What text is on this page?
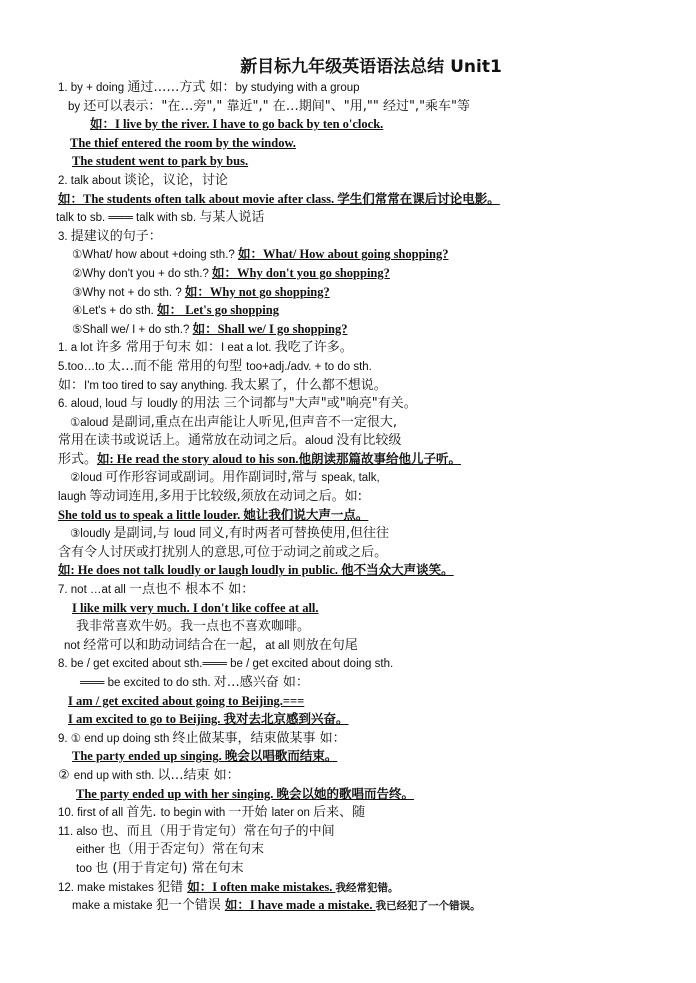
新目标九年级英语语法总结 Unit1
1. by + doing 通过……方式 如：by studying with a group
by 还可以表示："在…旁"," 靠近"," 在…期间"、"用,"" 经过","乘车"等
如：I live by the river. I have to go back by ten o'clock.
The thief entered the room by the window.
The student went to park by bus.
2. talk about 谈论，议论，讨论
如：The students often talk about movie after class. 学生们常常在课后讨论电影。
talk to sb. ═══ talk with sb. 与某人说话
3. 提建议的句子：
①What/ how about +doing sth.? 如：What/ How about going shopping?
②Why don't you + do sth.? 如：Why don't you go shopping?
③Why not + do sth. ? 如：Why not go shopping?
④Let's + do sth. 如： Let's go shopping
⑤Shall we/ I + do sth.? 如：Shall we/ I go shopping?
1. a lot 许多 常用于句末 如：I eat a lot. 我吃了许多。
5.too…to 太…而不能 常用的句型 too+adj./adv. + to do sth.
如：I'm too tired to say anything. 我太累了，什么都不想说。
6. aloud, loud 与 loudly 的用法 三个词都与"大声"或"响亮"有关。
①aloud 是副词,重点在出声能让人听见,但声音不一定很大,
常用在读书或说话上。通常放在动词之后。aloud 没有比较级
形式。如: He read the story aloud to his son.他朗读那篇故事给他儿子听。
②loud 可作形容词或副词。用作副词时,常与 speak, talk,
laugh 等动词连用,多用于比较级,须放在动词之后。如:
She told us to speak a little louder. 她让我们说大声一点。
③loudly 是副词,与 loud 同义,有时两者可替换使用,但往往
含有令人讨厌或打扰别人的意思,可位于动词之前或之后。
如: He does not talk loudly or laugh loudly in public. 他不当众大声谈笑。
7. not …at all 一点也不 根本不 如：
I like milk very much. I don't like coffee at all.
我非常喜欢牛奶。我一点也不喜欢咖啡。
not 经常可以和助动词结合在一起，at all 则放在句尾
8. be / get excited about sth.═══ be / get excited about doing sth.
═══ be excited to do sth. 对…感兴奋 如：
I am / get excited about going to Beijing.===
I am excited to go to Beijing. 我对去北京感到兴奋。
9. ① end up doing sth 终止做某事，结束做某事 如：
The party ended up singing. 晚会以唱歌而结束。
② end up with sth. 以…结束 如：
The party ended up with her singing. 晚会以她的歌唱而告终。
10. first of all 首先. to begin with 一开始 later on 后来、随
11. also 也、而且（用于肯定句）常在句子的中间
either 也（用于否定句）常在句末
too 也 (用于肯定句) 常在句末
12. make mistakes 犯错 如：I often make mistakes. 我经常犯错。
make a mistake 犯一个错误 如：I have made a mistake. 我已经犯了一个错误。
